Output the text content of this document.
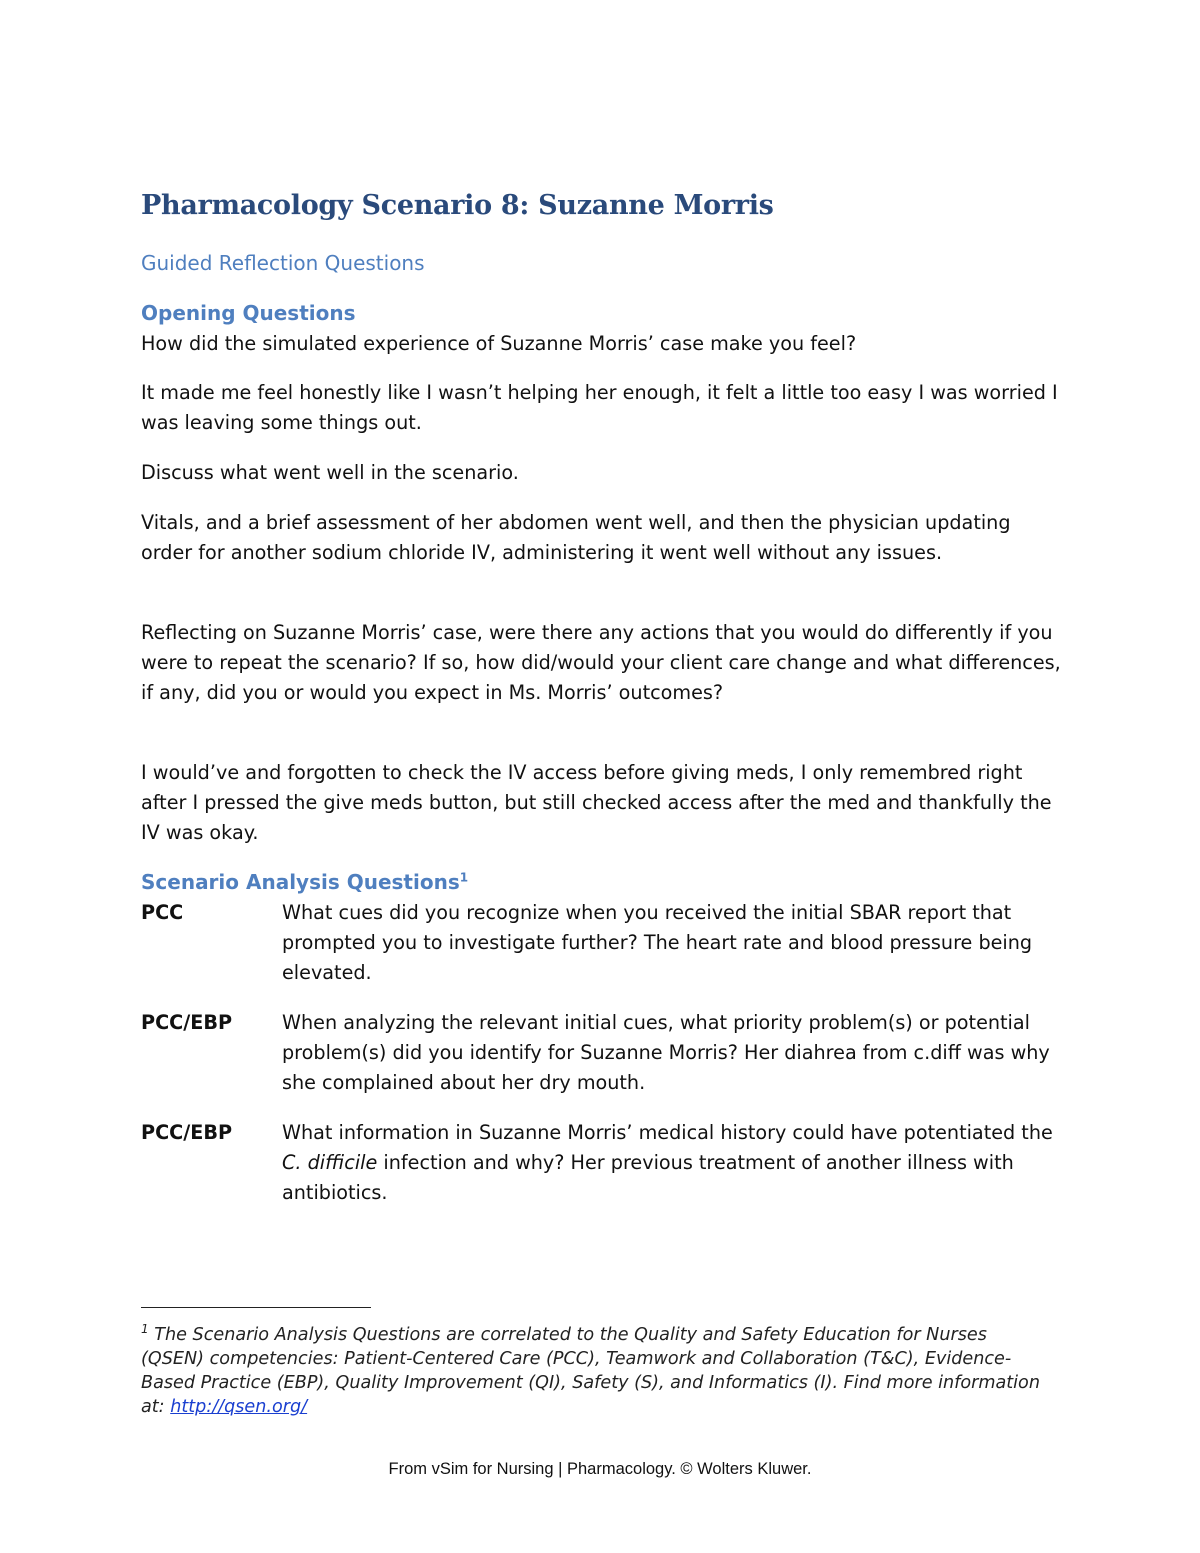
Pharmacology Scenario 8: Suzanne Morris
Guided Reflection Questions
Opening Questions

How did the simulated experience of Suzanne Morris’ case make you feel?

It made me feel honestly like I wasn’t helping her enough, it felt a little too easy I was worried I was leaving some things out.

Discuss what went well in the scenario.

Vitals, and a brief assessment of her abdomen went well, and then the physician updating order for another sodium chloride IV, administering it went well without any issues.

Reflecting on Suzanne Morris’ case, were there any actions that you would do differently if you were to repeat the scenario? If so, how did/would your client care change and what differences, if any, did you or would you expect in Ms. Morris’ outcomes?

I would’ve and forgotten to check the IV access before giving meds, I only remembred right after I pressed the give meds button, but still checked access after the med and thankfully the IV was okay.

Scenario Analysis Questions$^1$
PCC	What cues did you recognize when you received the initial SBAR report that prompted you to investigate further? The heart rate and blood pressure being elevated.

PCC/EBP	When analyzing the relevant initial cues, what priority problem(s) or potential problem(s) did you identify for Suzanne Morris? Her diahrea from c.diff was why she complained about her dry mouth.

PCC/EBP	What information in Suzanne Morris’ medical history could have potentiated the C. difficile infection and why? Her previous treatment of another illness with antibiotics.

$^1$ The Scenario Analysis Questions are correlated to the Quality and Safety Education for Nurses (QSEN) competencies: Patient-Centered Care (PCC), Teamwork and Collaboration (T&C), Evidence-Based Practice (EBP), Quality Improvement (QI), Safety (S), and Informatics (I). Find more information at: http://qsen.org/

From vSim for Nursing | Pharmacology. © Wolters Kluwer.
